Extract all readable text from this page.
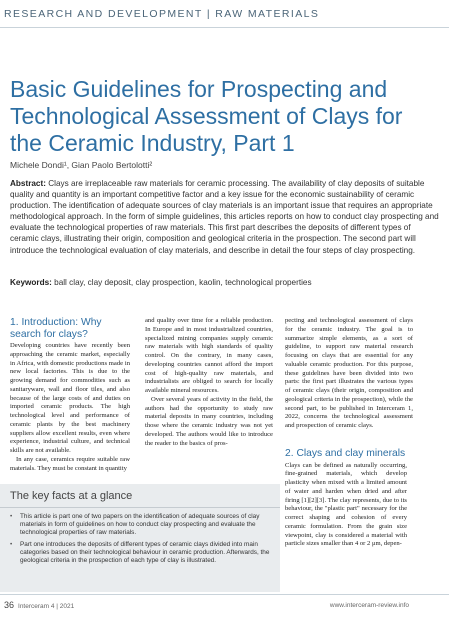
RESEARCH AND DEVELOPMENT | RAW MATERIALS
Basic Guidelines for Prospecting and Technological Assessment of Clays for the Ceramic Industry, Part 1
Michele Dondi¹, Gian Paolo Bertolotti²

Abstract: Clays are irreplaceable raw materials for ceramic processing. The availability of clay deposits of suitable quality and quantity is an important competitive factor and a key issue for the economic sustainability of ceramic production. The identification of adequate sources of clay materials is an important issue that requires an appropriate methodological approach. In the form of simple guidelines, this articles reports on how to conduct clay prospecting and evaluate the technological properties of raw materials. This first part describes the deposits of different types of ceramic clays, illustrating their origin, composition and geological criteria in the prospection. The second part will introduce the technological evaluation of clay materials, and describe in detail the four steps of clay prospecting.

Keywords: ball clay, clay deposit, clay prospection, kaolin, technological properties

1. Introduction: Why search for clays?

Developing countries have recently been approaching the ceramic market, especially in Africa, with domestic productions made in new local factories. This is due to the growing demand for commodities such as sanitaryware, wall and floor tiles, and also because of the large costs of and duties on imported ceramic products. The high technological level and performance of ceramic plants by the best machinery suppliers allow excellent results, even where experience, industrial culture, and technical skills are not available.

In any case, ceramics require suitable raw materials. They must be constant in quantity

and quality over time for a reliable production. In Europe and in most industrialized countries, specialized mining companies supply ceramic raw materials with high standards of quality control. On the contrary, in many cases, developing countries cannot afford the import cost of high-quality raw materials, and industrialists are obliged to search for locally available mineral resources.

Over several years of activity in the field, the authors had the opportunity to study raw material deposits in many countries, including those where the ceramic industry was not yet developed. The authors would like to introduce the reader to the basics of pros-

pecting and technological assessment of clays for the ceramic industry. The goal is to summarize simple elements, as a sort of guideline, to support raw material research focusing on clays that are essential for any valuable ceramic production. For this purpose, these guidelines have been divided into two parts: the first part illustrates the various types of ceramic clays (their origin, composition and geological criteria in the prospection), while the second part, to be published in Interceram 1, 2022, concerns the technological assessment and prospection of ceramic clays.

2. Clays and clay minerals

Clays can be defined as naturally occurring, fine-grained materials, which develop plasticity when mixed with a limited amount of water and harden when dried and after firing [1][2][3]. The clay represents, due to its behaviour, the "plastic part" necessary for the correct shaping and cohesion of every ceramic formulation. From the grain size viewpoint, clay is considered a material with particle sizes smaller than 4 or 2 μm, depen-

The key facts at a glance
• This article is part one of two papers on the identification of adequate sources of clay materials in form of guidelines on how to conduct clay prospecting and evaluate the technological properties of raw materials.
• Part one introduces the deposits of different types of ceramic clays divided into main categories based on their technological behaviour in ceramic production. Afterwards, the geological criteria in the prospection of each type of clay is illustrated.
36 Interceram 4 | 2021	www.interceram-review.info
